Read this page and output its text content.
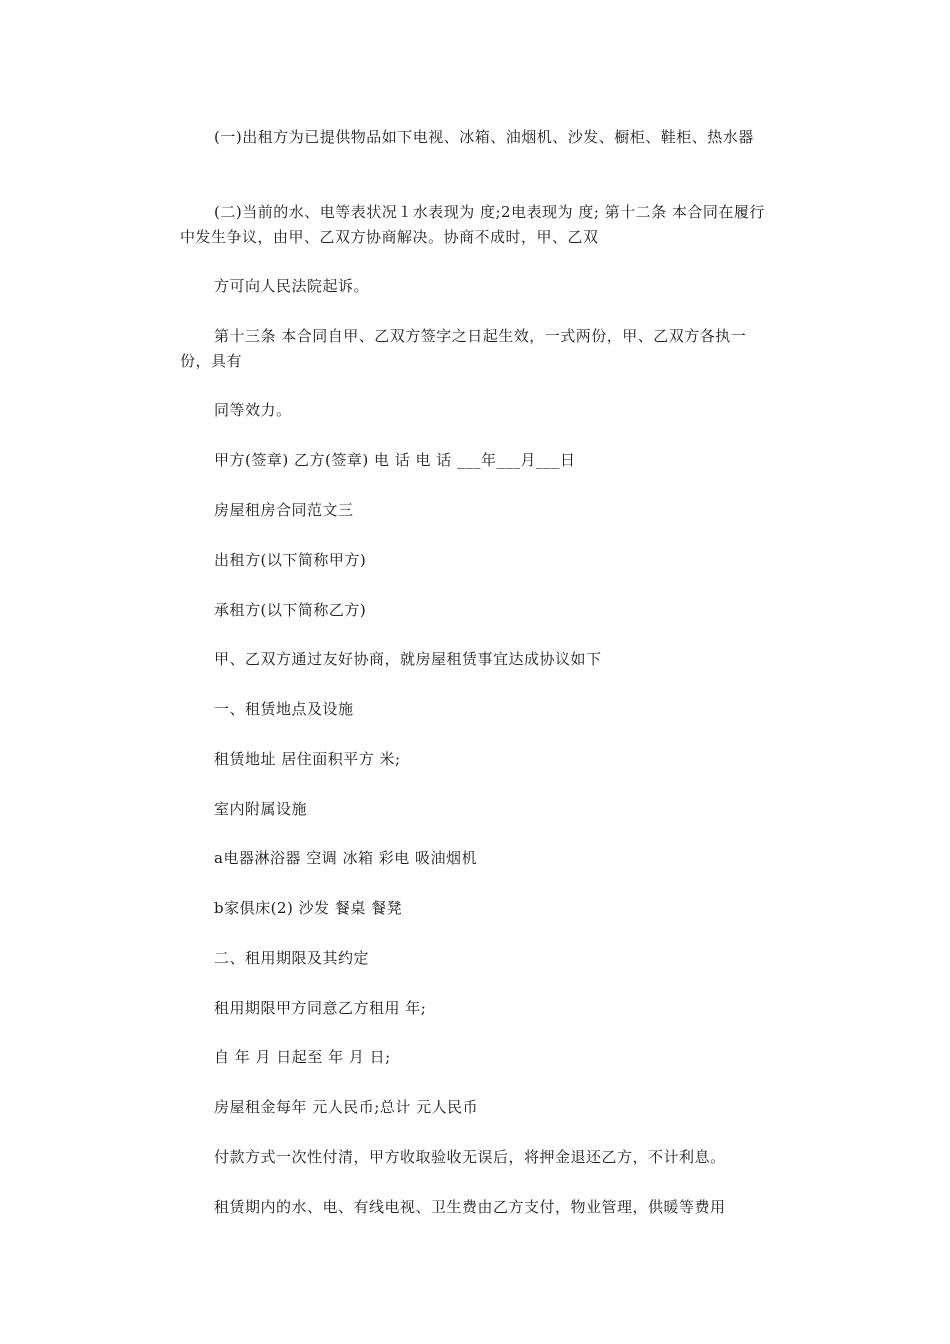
(一)出租方为已提供物品如下电视、冰箱、油烟机、沙发、橱柜、鞋柜、热水器
(二)当前的水、电等表状况１水表现为 度;2电表现为 度; 第十二条 本合同在履行中发生争议，由甲、乙双方协商解决。协商不成时，甲、乙双
方可向人民法院起诉。
第十三条 本合同自甲、乙双方签字之日起生效，一式两份，甲、乙双方各执一份，具有
同等效力。
甲方(签章) 乙方(签章) 电 话 电 话 ___年___月___日
房屋租房合同范文三
出租方(以下简称甲方)
承租方(以下简称乙方)
甲、乙双方通过友好协商，就房屋租赁事宜达成协议如下
一、租赁地点及设施
租赁地址 居住面积平方 米;
室内附属设施
a电器淋浴器 空调 冰箱 彩电 吸油烟机
b家俱床(2) 沙发 餐桌 餐凳
二、租用期限及其约定
租用期限甲方同意乙方租用 年;
自 年 月 日起至 年 月 日;
房屋租金每年 元人民币;总计 元人民币
付款方式一次性付清，甲方收取验收无误后，将押金退还乙方，不计利息。
租赁期内的水、电、有线电视、卫生费由乙方支付，物业管理，供暖等费用
